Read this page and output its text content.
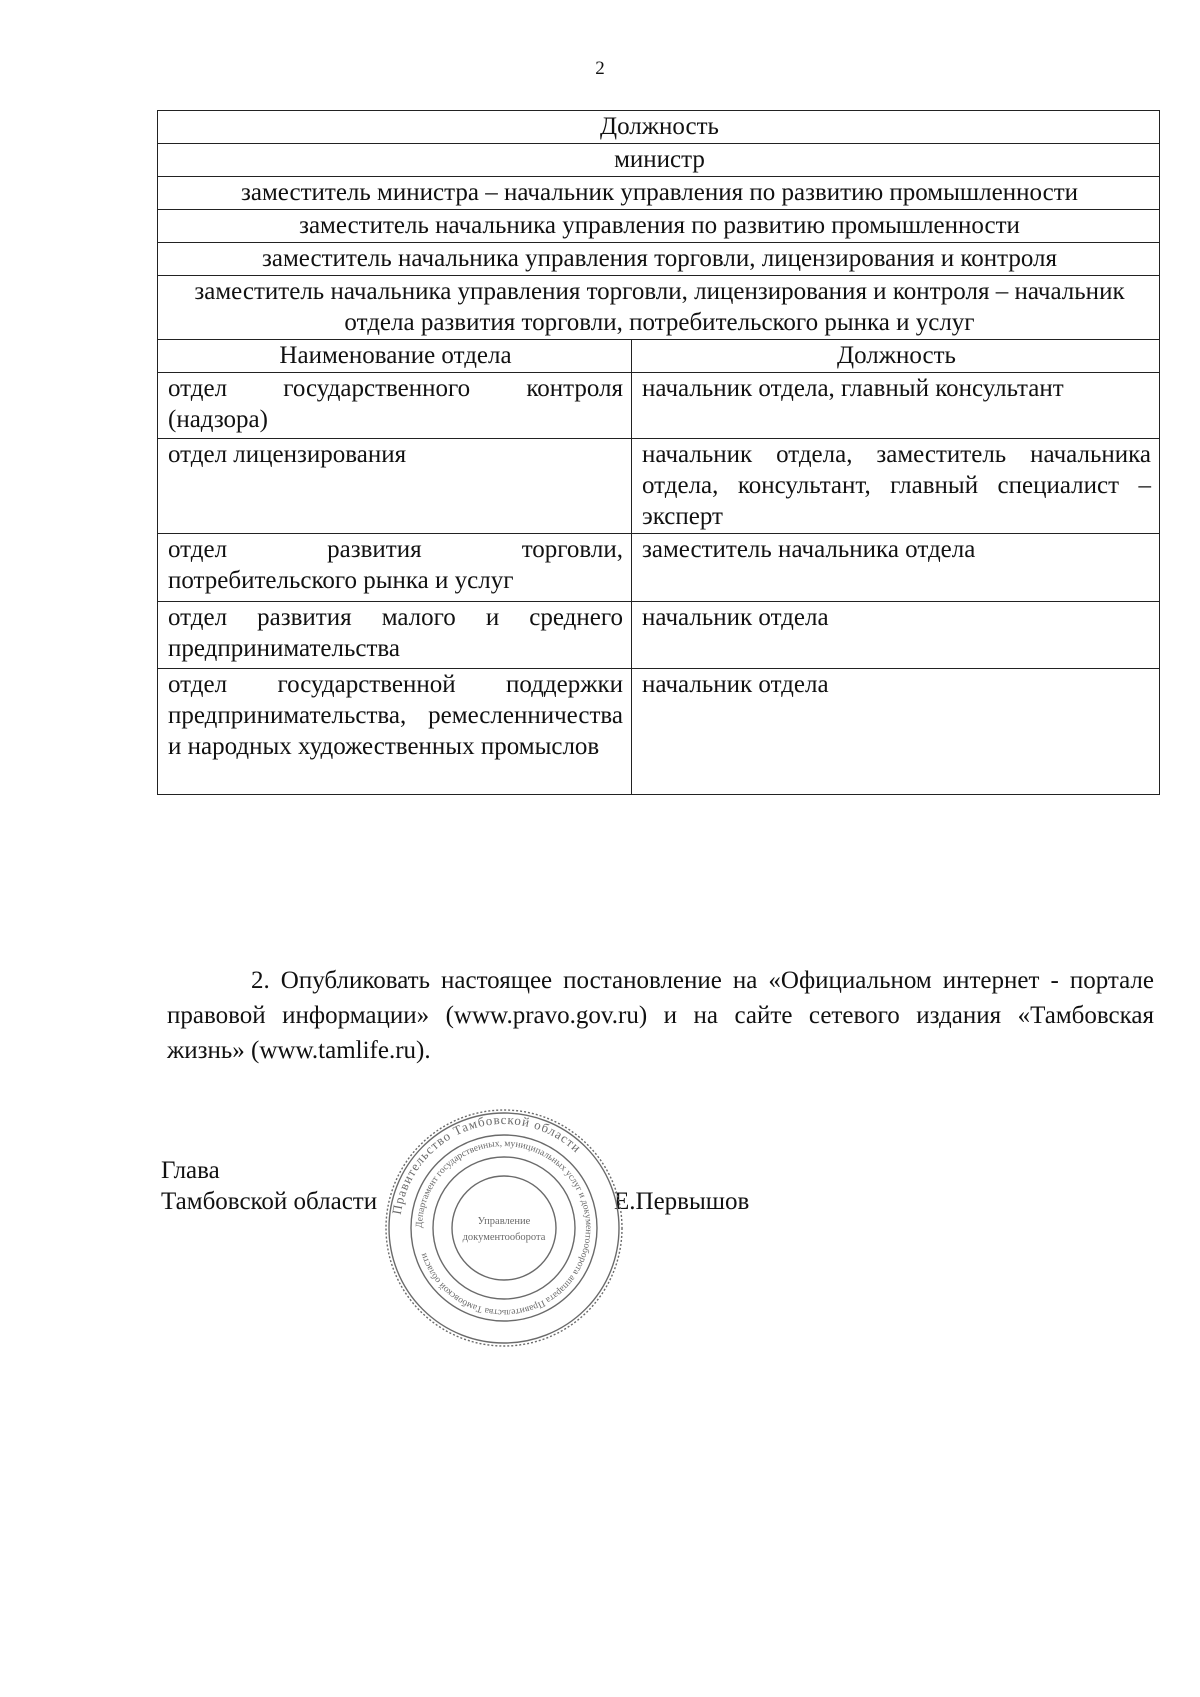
2
Должность	
министр	
заместитель министра – начальник управления по развитию промышленности	
заместитель начальника управления по развитию промышленности	
заместитель начальника управления торговли, лицензирования и контроля	
заместитель начальника управления торговли, лицензирования и контроля – начальник отдела развития торговли, потребительского рынка и услуг	
Наименование отдела	Должность
отдел государственного контроля (надзора)	начальник отдела, главный консультант
отдел лицензирования	начальник отдела, заместитель начальника отдела, консультант, главный специалист – эксперт
отдел развития торговли, потребительского рынка и услуг	заместитель начальника отдела
отдел развития малого и среднего предпринимательства	начальник отдела
отдел государственной поддержки предпринимательства, ремесленничества и народных художественных промыслов	начальник отдела
2. Опубликовать настоящее постановление на «Официальном интернет - портале правовой информации» (www.pravo.gov.ru) и на сайте сетевого издания «Тамбовская жизнь» (www.tamlife.ru).
Глава
Тамбовской области	Е.Первышов
Правительство Тамбовской области
Департамент государственных, муниципальных услуг и документооборота аппарата Правительства Тамбовской области
Управление
документооборота
